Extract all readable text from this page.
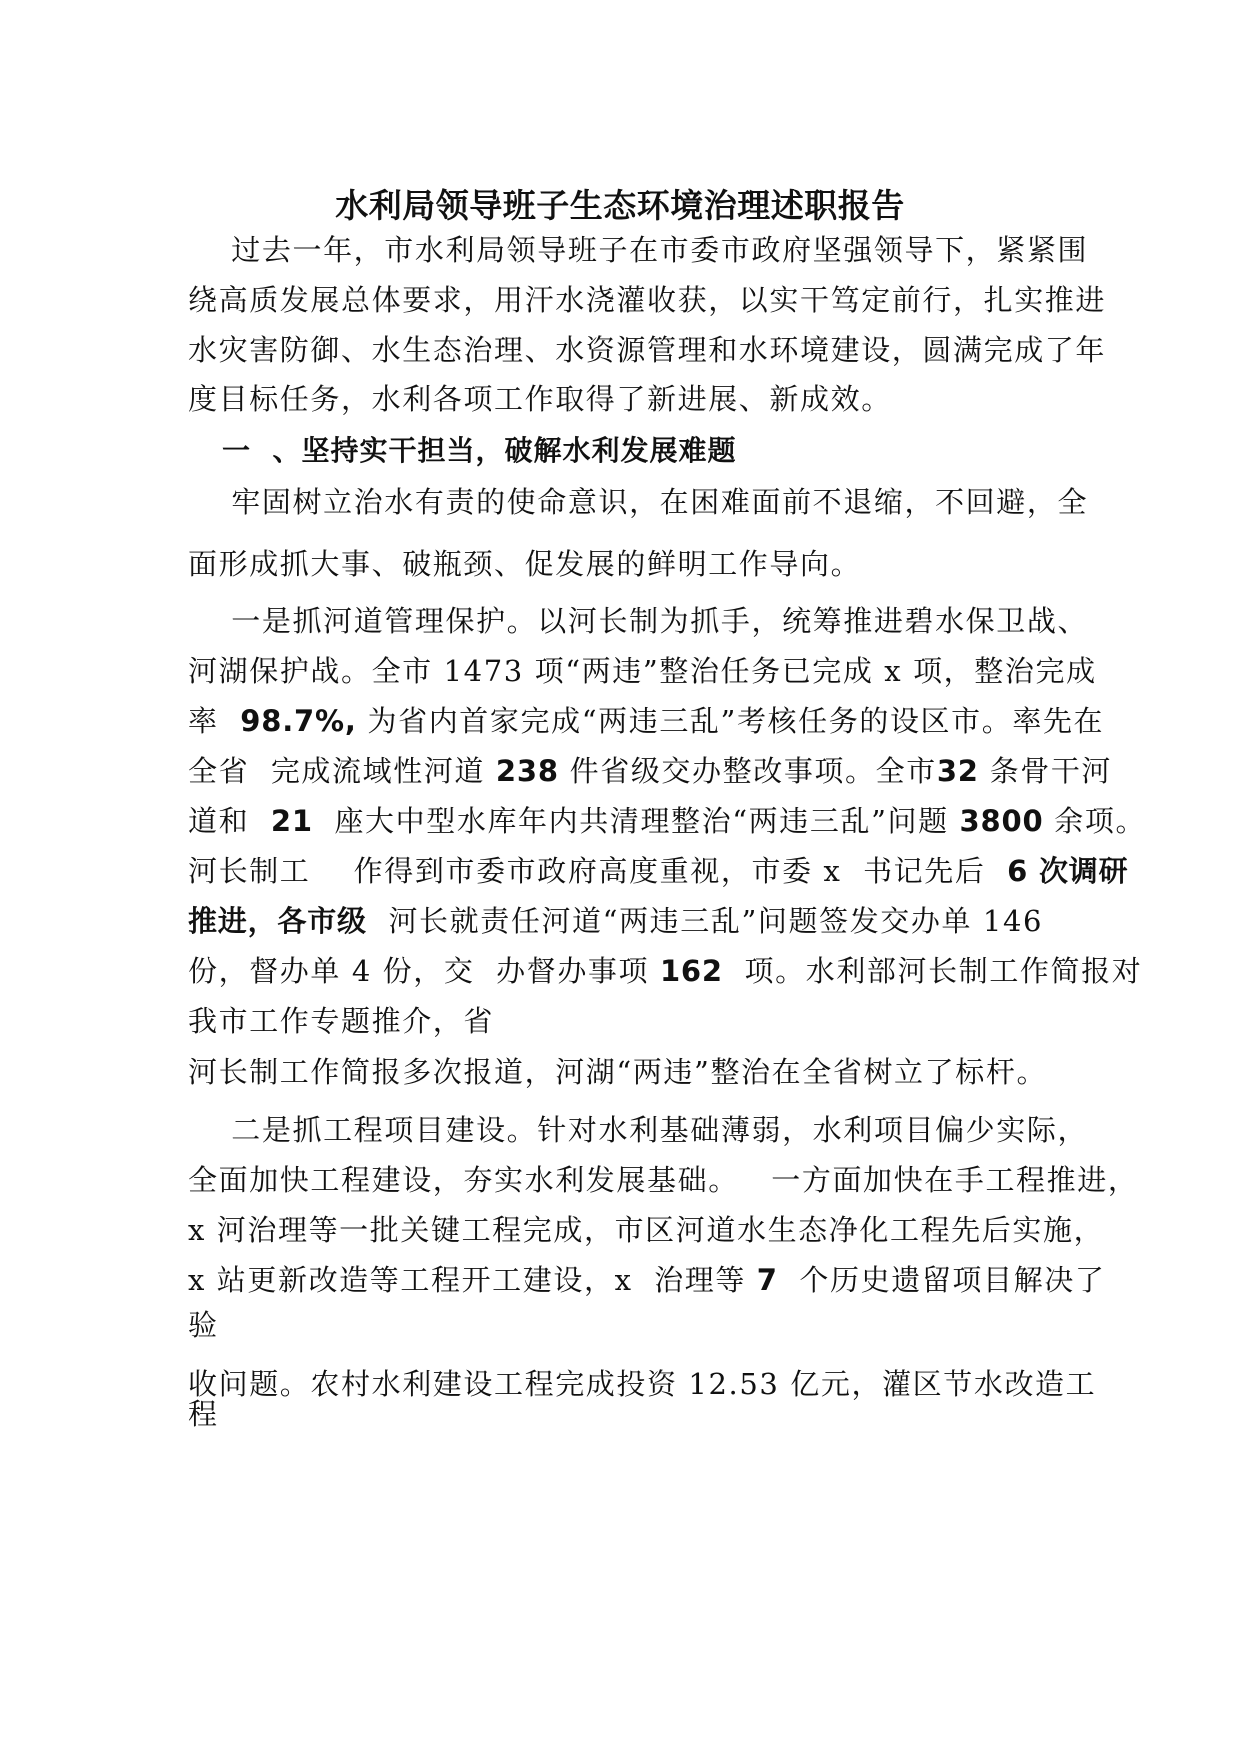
水利局领导班子生态环境治理述职报告
过去一年，市水利局领导班子在市委市政府坚强领导下，紧紧围
绕高质发展总体要求，用汗水浇灌收获，以实干笃定前行，扎实推进
水灾害防御、水生态治理、水资源管理和水环境建设，圆满完成了年
度目标任务，水利各项工作取得了新进展、新成效。
一  、坚持实干担当，破解水利发展难题
牢固树立治水有责的使命意识，在困难面前不退缩，不回避，全
面形成抓大事、破瓶颈、促发展的鲜明工作导向。
一是抓河道管理保护。以河长制为抓手，统筹推进碧水保卫战、
河湖保护战。全市 1473 项“两违”整治任务已完成 x 项，整治完成
率  98.7%, 为省内首家完成“两违三乱”考核任务的设区市。率先在
全省  完成流域性河道 238 件省级交办整改事项。全市32 条骨干河
道和  21  座大中型水库年内共清理整治“两违三乱”问题 3800 余项。
河长制工    作得到市委市政府高度重视，市委 x  书记先后  6 次调研
推进，各市级  河长就责任河道“两违三乱”问题签发交办单 146
份，督办单 4 份，交  办督办事项 162  项。水利部河长制工作简报对
我市工作专题推介，省
河长制工作简报多次报道，河湖“两违”整治在全省树立了标杆。
二是抓工程项目建设。针对水利基础薄弱，水利项目偏少实际，
全面加快工程建设，夯实水利发展基础。   一方面加快在手工程推进，
x 河治理等一批关键工程完成，市区河道水生态净化工程先后实施，
x 站更新改造等工程开工建设，x  治理等 7  个历史遗留项目解决了
验
收问题。农村水利建设工程完成投资 12.53 亿元，灌区节水改造工
程
